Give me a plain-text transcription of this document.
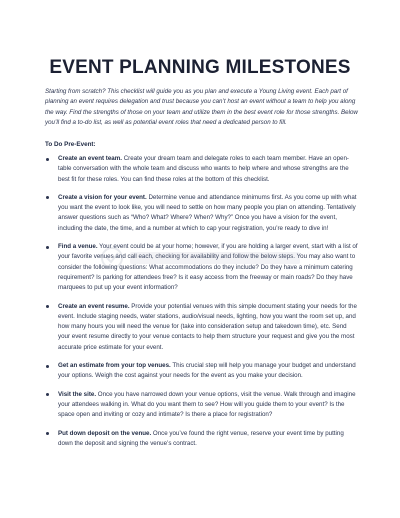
EVENT PLANNING MILESTONES
Starting from scratch? This checklist will guide you as you plan and execute a Young Living event. Each part of planning an event requires delegation and trust because you can’t host an event without a team to help you along the way. Find the strengths of those on your team and utilize them in the best event role for those strengths. Below you’ll find a to-do list, as well as potential event roles that need a dedicated person to fill.
To Do Pre-Event:
Create an event team. Create your dream team and delegate roles to each team member. Have an open-table conversation with the whole team and discuss who wants to help where and whose strengths are the best fit for these roles. You can find these roles at the bottom of this checklist.
Create a vision for your event. Determine venue and attendance minimums first. As you come up with what you want the event to look like, you will need to settle on how many people you plan on attending. Tentatively answer questions such as “Who? What? Where? When? Why?” Once you have a vision for the event, including the date, the time, and a number at which to cap your registration, you’re ready to dive in!
Find a venue. Your event could be at your home; however, if you are holding a larger event, start with a list of your favorite venues and call each, checking for availability and follow the below steps. You may also want to consider the following questions: What accommodations do they include? Do they have a minimum catering requirement? Is parking for attendees free? Is it easy access from the freeway or main roads? Do they have marquees to put up your event information?
Create an event resume. Provide your potential venues with this simple document stating your needs for the event. Include staging needs, water stations, audio/visual needs, lighting, how you want the room set up, and how many hours you will need the venue for (take into consideration setup and takedown time), etc. Send your event resume directly to your venue contacts to help them structure your request and give you the most accurate price estimate for your event.
Get an estimate from your top venues. This crucial step will help you manage your budget and understand your options. Weigh the cost against your needs for the event as you make your decision.
Visit the site. Once you have narrowed down your venue options, visit the venue. Walk through and imagine your attendees walking in. What do you want them to see? How will you guide them to your event? Is the space open and inviting or cozy and intimate? Is there a place for registration?
Put down deposit on the venue. Once you’ve found the right venue, reserve your event time by putting down the deposit and signing the venue’s contract.
